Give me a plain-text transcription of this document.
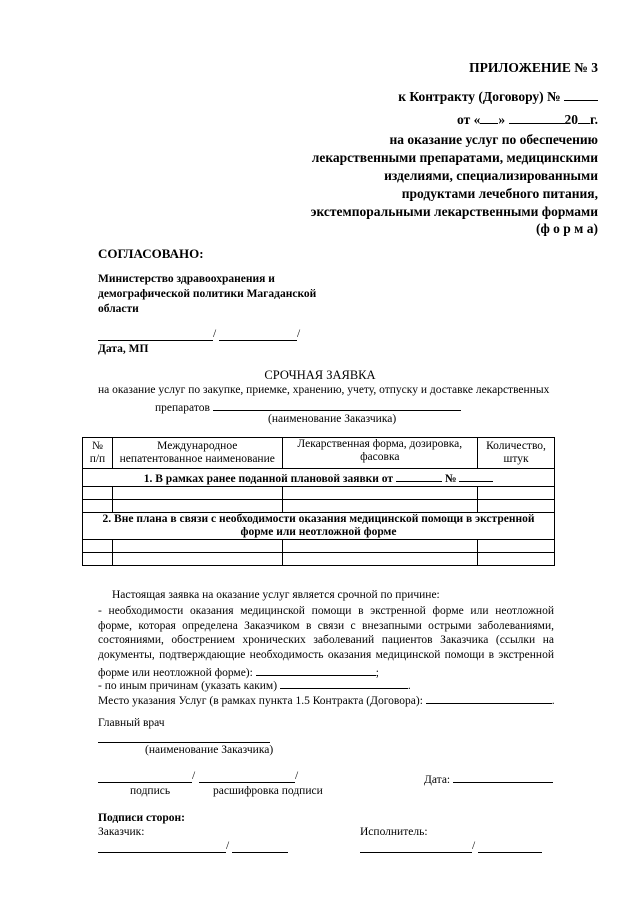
ПРИЛОЖЕНИЕ № 3
к Контракту (Договору) №
от « »	20 г.
на оказание услуг по обеспечению
лекарственными препаратами, медицинскими
изделиями, специализированными
продуктами лечебного питания,
экстемпоральными лекарственными формами
(ф о р м а)
СОГЛАСОВАНО:
Министерство здравоохранения и
демографической политики Магаданской
области
/	/
Дата, МП
СРОЧНАЯ ЗАЯВКА
на оказание услуг по закупке, приемке, хранению, учету, отпуску и доставке лекарственных
препаратов
(наименование Заказчика)
№ п/п	Международное непатентованное наименование	Лекарственная форма, дозировка, фасовка	Количество, штук
1. В рамках ранее поданной плановой заявки от №			

2. Вне плана в связи с необходимости оказания медицинской помощи в экстренной
форме или неотложной форме			

Настоящая заявка на оказание услуг является срочной по причине:

- необходимости оказания медицинской помощи в экстренной форме или неотложной форме, которая определена Заказчиком в связи с внезапными острыми заболеваниями, состояниями, обострением хронических заболеваний пациентов Заказчика (ссылки на документы, подтверждающие необходимость оказания медицинской помощи в экстренной форме или неотложной форме):	;

- по иным причинам (указать каким)	.
Место указания Услуг (в рамках пункта 1.5 Контракта (Договора):	.
Главный врач
(наименование Заказчика)
/	/
подпись	расшифровка подписи
Дата:
Подписи сторон:
Заказчик:	Исполнитель:
/	/
